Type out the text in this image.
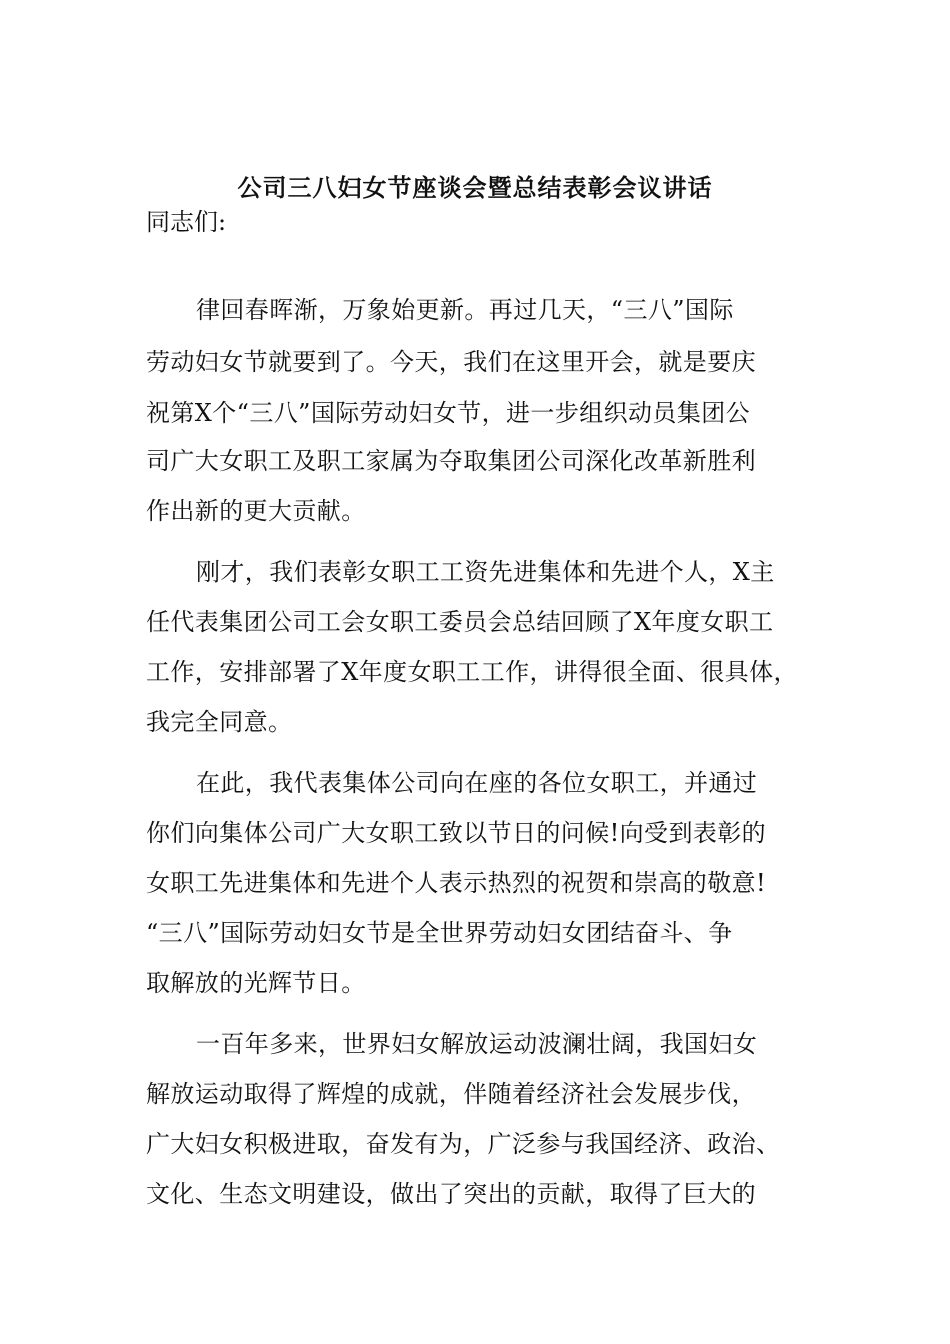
公司三八妇女节座谈会暨总结表彰会议讲话
同志们:
律回春晖渐，万象始更新。再过几天，“三八”国际
劳动妇女节就要到了。今天，我们在这里开会，就是要庆
祝第X个“三八”国际劳动妇女节，进一步组织动员集团公
司广大女职工及职工家属为夺取集团公司深化改革新胜利
作出新的更大贡献。
刚才，我们表彰女职工工资先进集体和先进个人，X主
任代表集团公司工会女职工委员会总结回顾了X年度女职工
工作，安排部署了X年度女职工工作，讲得很全面、很具体，
我完全同意。
在此，我代表集体公司向在座的各位女职工，并通过
你们向集体公司广大女职工致以节日的问候!向受到表彰的
女职工先进集体和先进个人表示热烈的祝贺和崇高的敬意!
“三八”国际劳动妇女节是全世界劳动妇女团结奋斗、争
取解放的光辉节日。
一百年多来，世界妇女解放运动波澜壮阔，我国妇女
解放运动取得了辉煌的成就，伴随着经济社会发展步伐，
广大妇女积极进取，奋发有为，广泛参与我国经济、政治、
文化、生态文明建设，做出了突出的贡献，取得了巨大的
